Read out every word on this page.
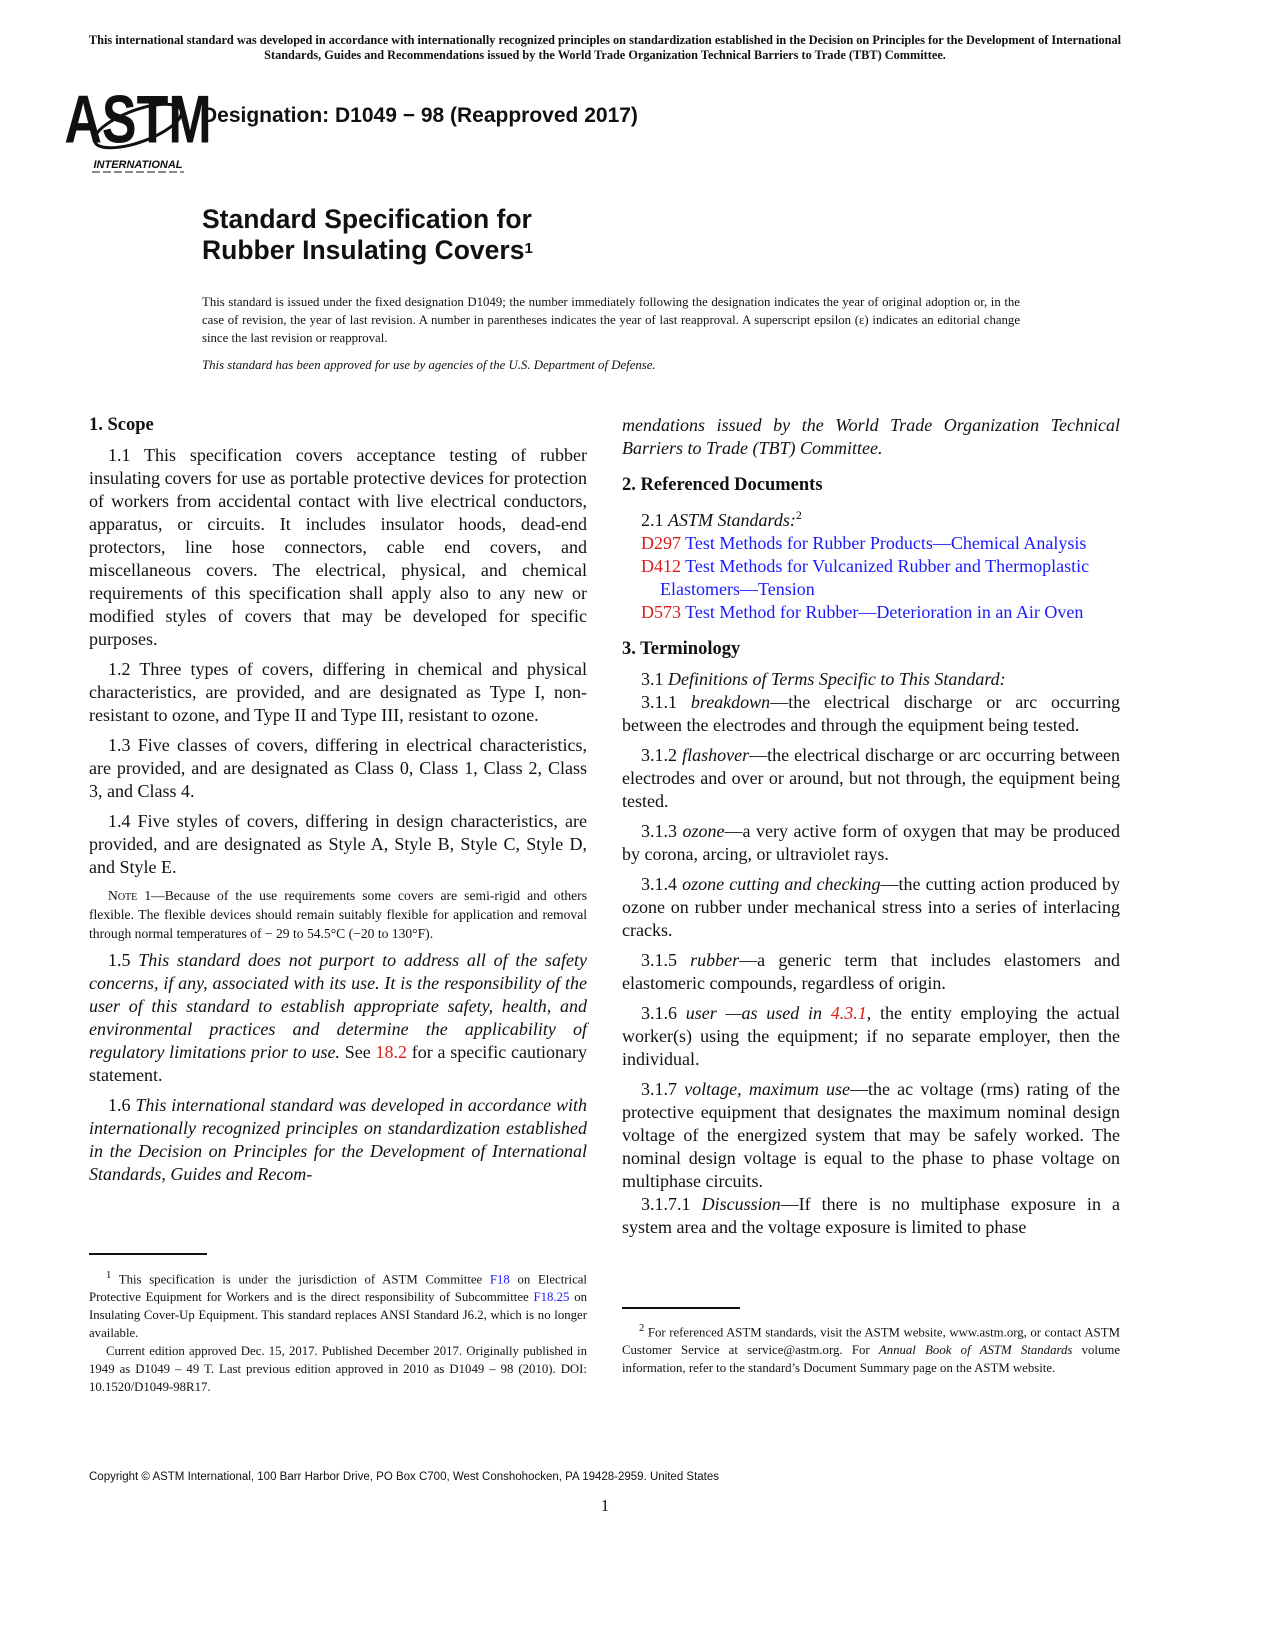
This international standard was developed in accordance with internationally recognized principles on standardization established in the Decision on Principles for the Development of International Standards, Guides and Recommendations issued by the World Trade Organization Technical Barriers to Trade (TBT) Committee.
ASTM
INTERNATIONAL
Designation: D1049 − 98 (Reapproved 2017)
Standard Specification for
Rubber Insulating Covers$^1$
This standard is issued under the fixed designation D1049; the number immediately following the designation indicates the year of original adoption or, in the case of revision, the year of last revision. A number in parentheses indicates the year of last reapproval. A superscript epsilon (ε) indicates an editorial change since the last revision or reapproval.
This standard has been approved for use by agencies of the U.S. Department of Defense.
1. Scope

1.1 This specification covers acceptance testing of rubber insulating covers for use as portable protective devices for protection of workers from accidental contact with live electrical conductors, apparatus, or circuits. It includes insulator hoods, dead-end protectors, line hose connectors, cable end covers, and miscellaneous covers. The electrical, physical, and chemical requirements of this specification shall apply also to any new or modified styles of covers that may be developed for specific purposes.

1.2 Three types of covers, differing in chemical and physical characteristics, are provided, and are designated as Type I, non-resistant to ozone, and Type II and Type III, resistant to ozone.

1.3 Five classes of covers, differing in electrical characteristics, are provided, and are designated as Class 0, Class 1, Class 2, Class 3, and Class 4.

1.4 Five styles of covers, differing in design characteristics, are provided, and are designated as Style A, Style B, Style C, Style D, and Style E.

Note 1—Because of the use requirements some covers are semi-rigid and others flexible. The flexible devices should remain suitably flexible for application and removal through normal temperatures of − 29 to 54.5°C (−20 to 130°F).

1.5 This standard does not purport to address all of the safety concerns, if any, associated with its use. It is the responsibility of the user of this standard to establish appropriate safety, health, and environmental practices and determine the applicability of regulatory limitations prior to use. See 18.2 for a specific cautionary statement.

1.6 This international standard was developed in accordance with internationally recognized principles on standardization established in the Decision on Principles for the Development of International Standards, Guides and Recom-

$^1$ This specification is under the jurisdiction of ASTM Committee F18 on Electrical Protective Equipment for Workers and is the direct responsibility of Subcommittee F18.25 on Insulating Cover-Up Equipment. This standard replaces ANSI Standard J6.2, which is no longer available.

Current edition approved Dec. 15, 2017. Published December 2017. Originally published in 1949 as D1049 – 49 T. Last previous edition approved in 2010 as D1049 – 98 (2010). DOI: 10.1520/D1049-98R17.

mendations issued by the World Trade Organization Technical Barriers to Trade (TBT) Committee.

2. Referenced Documents

2.1 ASTM Standards:$^2$

D297 Test Methods for Rubber Products—Chemical Analysis

D412 Test Methods for Vulcanized Rubber and Thermoplastic Elastomers—Tension

D573 Test Method for Rubber—Deterioration in an Air Oven

3. Terminology

3.1 Definitions of Terms Specific to This Standard:

3.1.1 breakdown—the electrical discharge or arc occurring between the electrodes and through the equipment being tested.

3.1.2 flashover—the electrical discharge or arc occurring between electrodes and over or around, but not through, the equipment being tested.

3.1.3 ozone—a very active form of oxygen that may be produced by corona, arcing, or ultraviolet rays.

3.1.4 ozone cutting and checking—the cutting action produced by ozone on rubber under mechanical stress into a series of interlacing cracks.

3.1.5 rubber—a generic term that includes elastomers and elastomeric compounds, regardless of origin.

3.1.6 user —as used in 4.3.1, the entity employing the actual worker(s) using the equipment; if no separate employer, then the individual.

3.1.7 voltage, maximum use—the ac voltage (rms) rating of the protective equipment that designates the maximum nominal design voltage of the energized system that may be safely worked. The nominal design voltage is equal to the phase to phase voltage on multiphase circuits.

3.1.7.1 Discussion—If there is no multiphase exposure in a system area and the voltage exposure is limited to phase

$^2$ For referenced ASTM standards, visit the ASTM website, www.astm.org, or contact ASTM Customer Service at service@astm.org. For Annual Book of ASTM Standards volume information, refer to the standard’s Document Summary page on the ASTM website.

Copyright © ASTM International, 100 Barr Harbor Drive, PO Box C700, West Conshohocken, PA 19428-2959. United States
1
